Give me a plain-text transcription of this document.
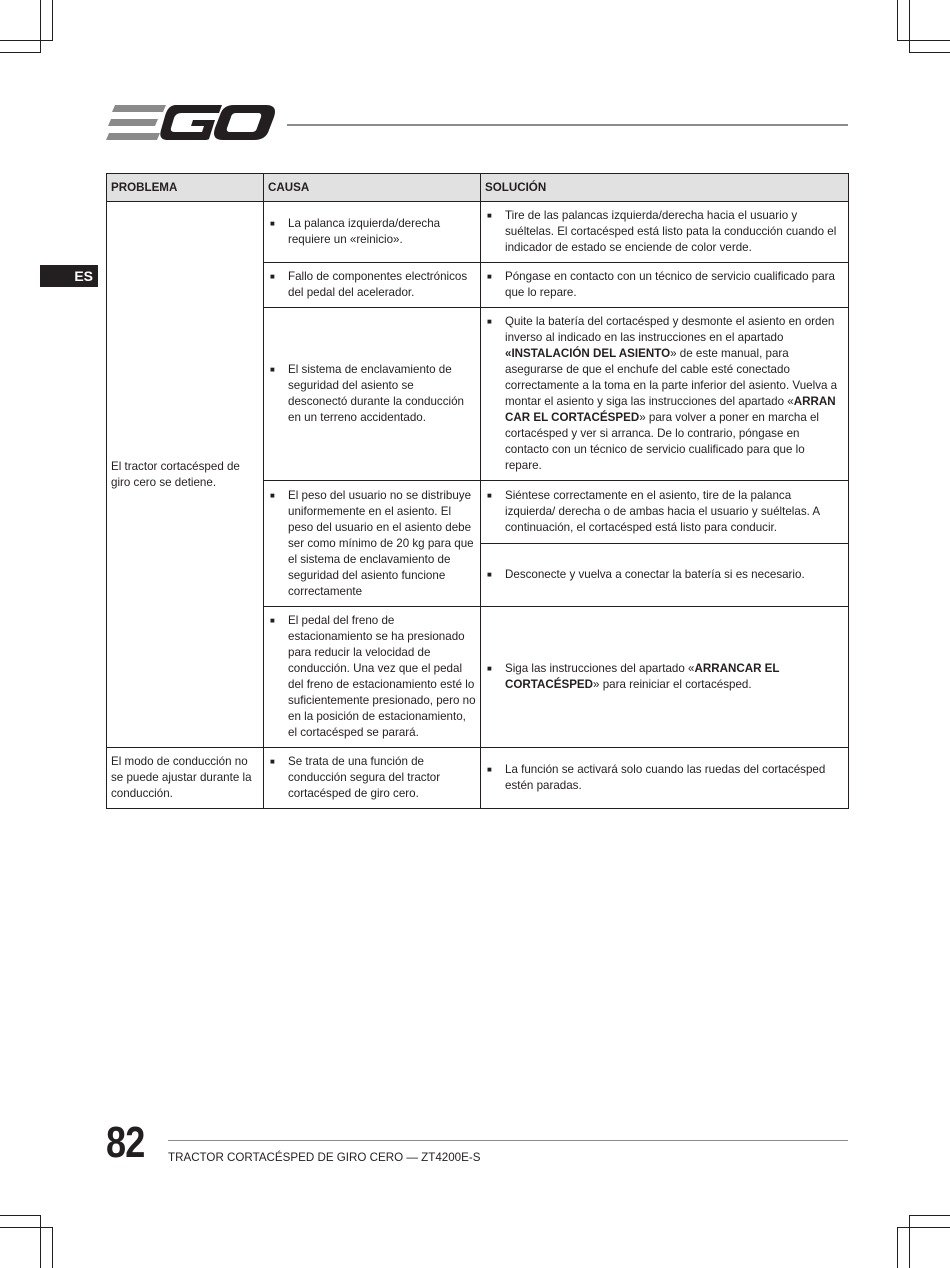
ES
PROBLEMA	CAUSA	SOLUCIÓN
El tractor cortacésped de giro cero se detiene.	■ La palanca izquierda/derecha requiere un «reinicio».	■ Tire de las palancas izquierda/derecha hacia el usuario y suéltelas. El cortacésped está listo pata la conducción cuando el indicador de estado se enciende de color verde.

	■ Fallo de componentes electrónicos del pedal del acelerador.	■ Póngase en contacto con un técnico de servicio cualificado para que lo repare.

	■ El sistema de enclavamiento de seguridad del asiento se desconectó durante la conducción en un terreno accidentado.	■ Quite la batería del cortacésped y desmonte el asiento en orden inverso al indicado en las instrucciones en el apartado «INSTALACIÓN DEL ASIENTO» de este manual, para asegurarse de que el enchufe del cable esté conectado correctamente a la toma en la parte inferior del asiento. Vuelva a montar el asiento y siga las instrucciones del apartado «ARRAN CAR EL CORTACÉSPED» para volver a poner en marcha el cortacésped y ver si arranca. De lo contrario, póngase en contacto con un técnico de servicio cualificado para que lo repare.

	■ El peso del usuario no se distribuye uniformemente en el asiento. El peso del usuario en el asiento debe ser como mínimo de 20 kg para que el sistema de enclavamiento de seguridad del asiento funcione correctamente	■ Siéntese correctamente en el asiento, tire de la palanca izquierda/ derecha o de ambas hacia el usuario y suéltelas. A continuación, el cortacésped está listo para conducir.

		■ Desconecte y vuelva a conectar la batería si es necesario.

	■ El pedal del freno de estacionamiento se ha presionado para reducir la velocidad de conducción. Una vez que el pedal del freno de estacionamiento esté lo suficientemente presionado, pero no en la posición de estacionamiento, el cortacésped se parará.	■ Siga las instrucciones del apartado «ARRANCAR EL CORTACÉSPED» para reiniciar el cortacésped.

El modo de conducción no se puede ajustar durante la conducción.	■ Se trata de una función de conducción segura del tractor cortacésped de giro cero.	■ La función se activará solo cuando las ruedas del cortacésped estén paradas.
82 TRACTOR CORTACÉSPED DE GIRO CERO — ZT4200E-S
